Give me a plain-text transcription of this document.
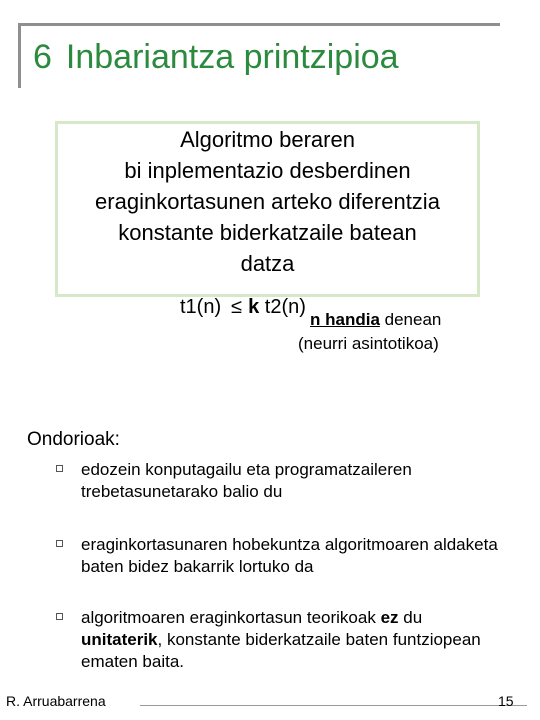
6 Inbariantza printzipioa
Algoritmo beraren
bi inplementazio desberdinen
eraginkortasunen arteko diferentzia
konstante biderkatzaile batean
datza
t1(n) ≤ k t2(n)
n handia denean
(neurri asintotikoa)
Ondorioak:
edozein konputagailu eta programatzaileren trebetasunetarako balio du
eraginkortasunaren hobekuntza algoritmoaren aldaketa baten bidez bakarrik lortuko da
algoritmoaren eraginkortasun teorikoak ez du unitaterik, konstante biderkatzaile baten funtziopean ematen baita.
R. Arruabarrena	15
